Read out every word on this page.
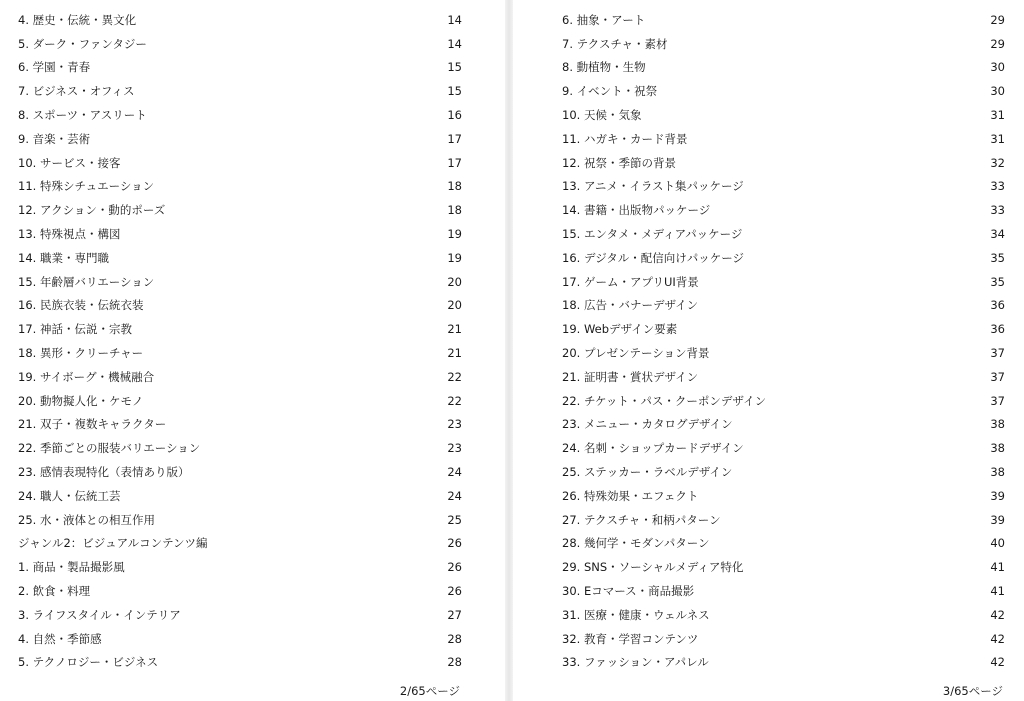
4. 歴史・伝統・異文化	14
5. ダーク・ファンタジー	14
6. 学園・青春	15
7. ビジネス・オフィス	15
8. スポーツ・アスリート	16
9. 音楽・芸術	17
10. サービス・接客	17
11. 特殊シチュエーション	18
12. アクション・動的ポーズ	18
13. 特殊視点・構図	19
14. 職業・専門職	19
15. 年齢層バリエーション	20
16. 民族衣装・伝統衣装	20
17. 神話・伝説・宗教	21
18. 異形・クリーチャー	21
19. サイボーグ・機械融合	22
20. 動物擬人化・ケモノ	22
21. 双子・複数キャラクター	23
22. 季節ごとの服装バリエーション	23
23. 感情表現特化（表情あり版）	24
24. 職人・伝統工芸	24
25. 水・液体との相互作用	25
ジャンル2：ビジュアルコンテンツ編	26
1. 商品・製品撮影風	26
2. 飲食・料理	26
3. ライフスタイル・インテリア	27
4. 自然・季節感	28
5. テクノロジー・ビジネス	28
2/65ページ
6. 抽象・アート	29
7. テクスチャ・素材	29
8. 動植物・生物	30
9. イベント・祝祭	30
10. 天候・気象	31
11. ハガキ・カード背景	31
12. 祝祭・季節の背景	32
13. アニメ・イラスト集パッケージ	33
14. 書籍・出版物パッケージ	33
15. エンタメ・メディアパッケージ	34
16. デジタル・配信向けパッケージ	35
17. ゲーム・アプリUI背景	35
18. 広告・バナーデザイン	36
19. Webデザイン要素	36
20. プレゼンテーション背景	37
21. 証明書・賞状デザイン	37
22. チケット・パス・クーポンデザイン	37
23. メニュー・カタログデザイン	38
24. 名刺・ショップカードデザイン	38
25. ステッカー・ラベルデザイン	38
26. 特殊効果・エフェクト	39
27. テクスチャ・和柄パターン	39
28. 幾何学・モダンパターン	40
29. SNS・ソーシャルメディア特化	41
30. Eコマース・商品撮影	41
31. 医療・健康・ウェルネス	42
32. 教育・学習コンテンツ	42
33. ファッション・アパレル	42
3/65ページ
